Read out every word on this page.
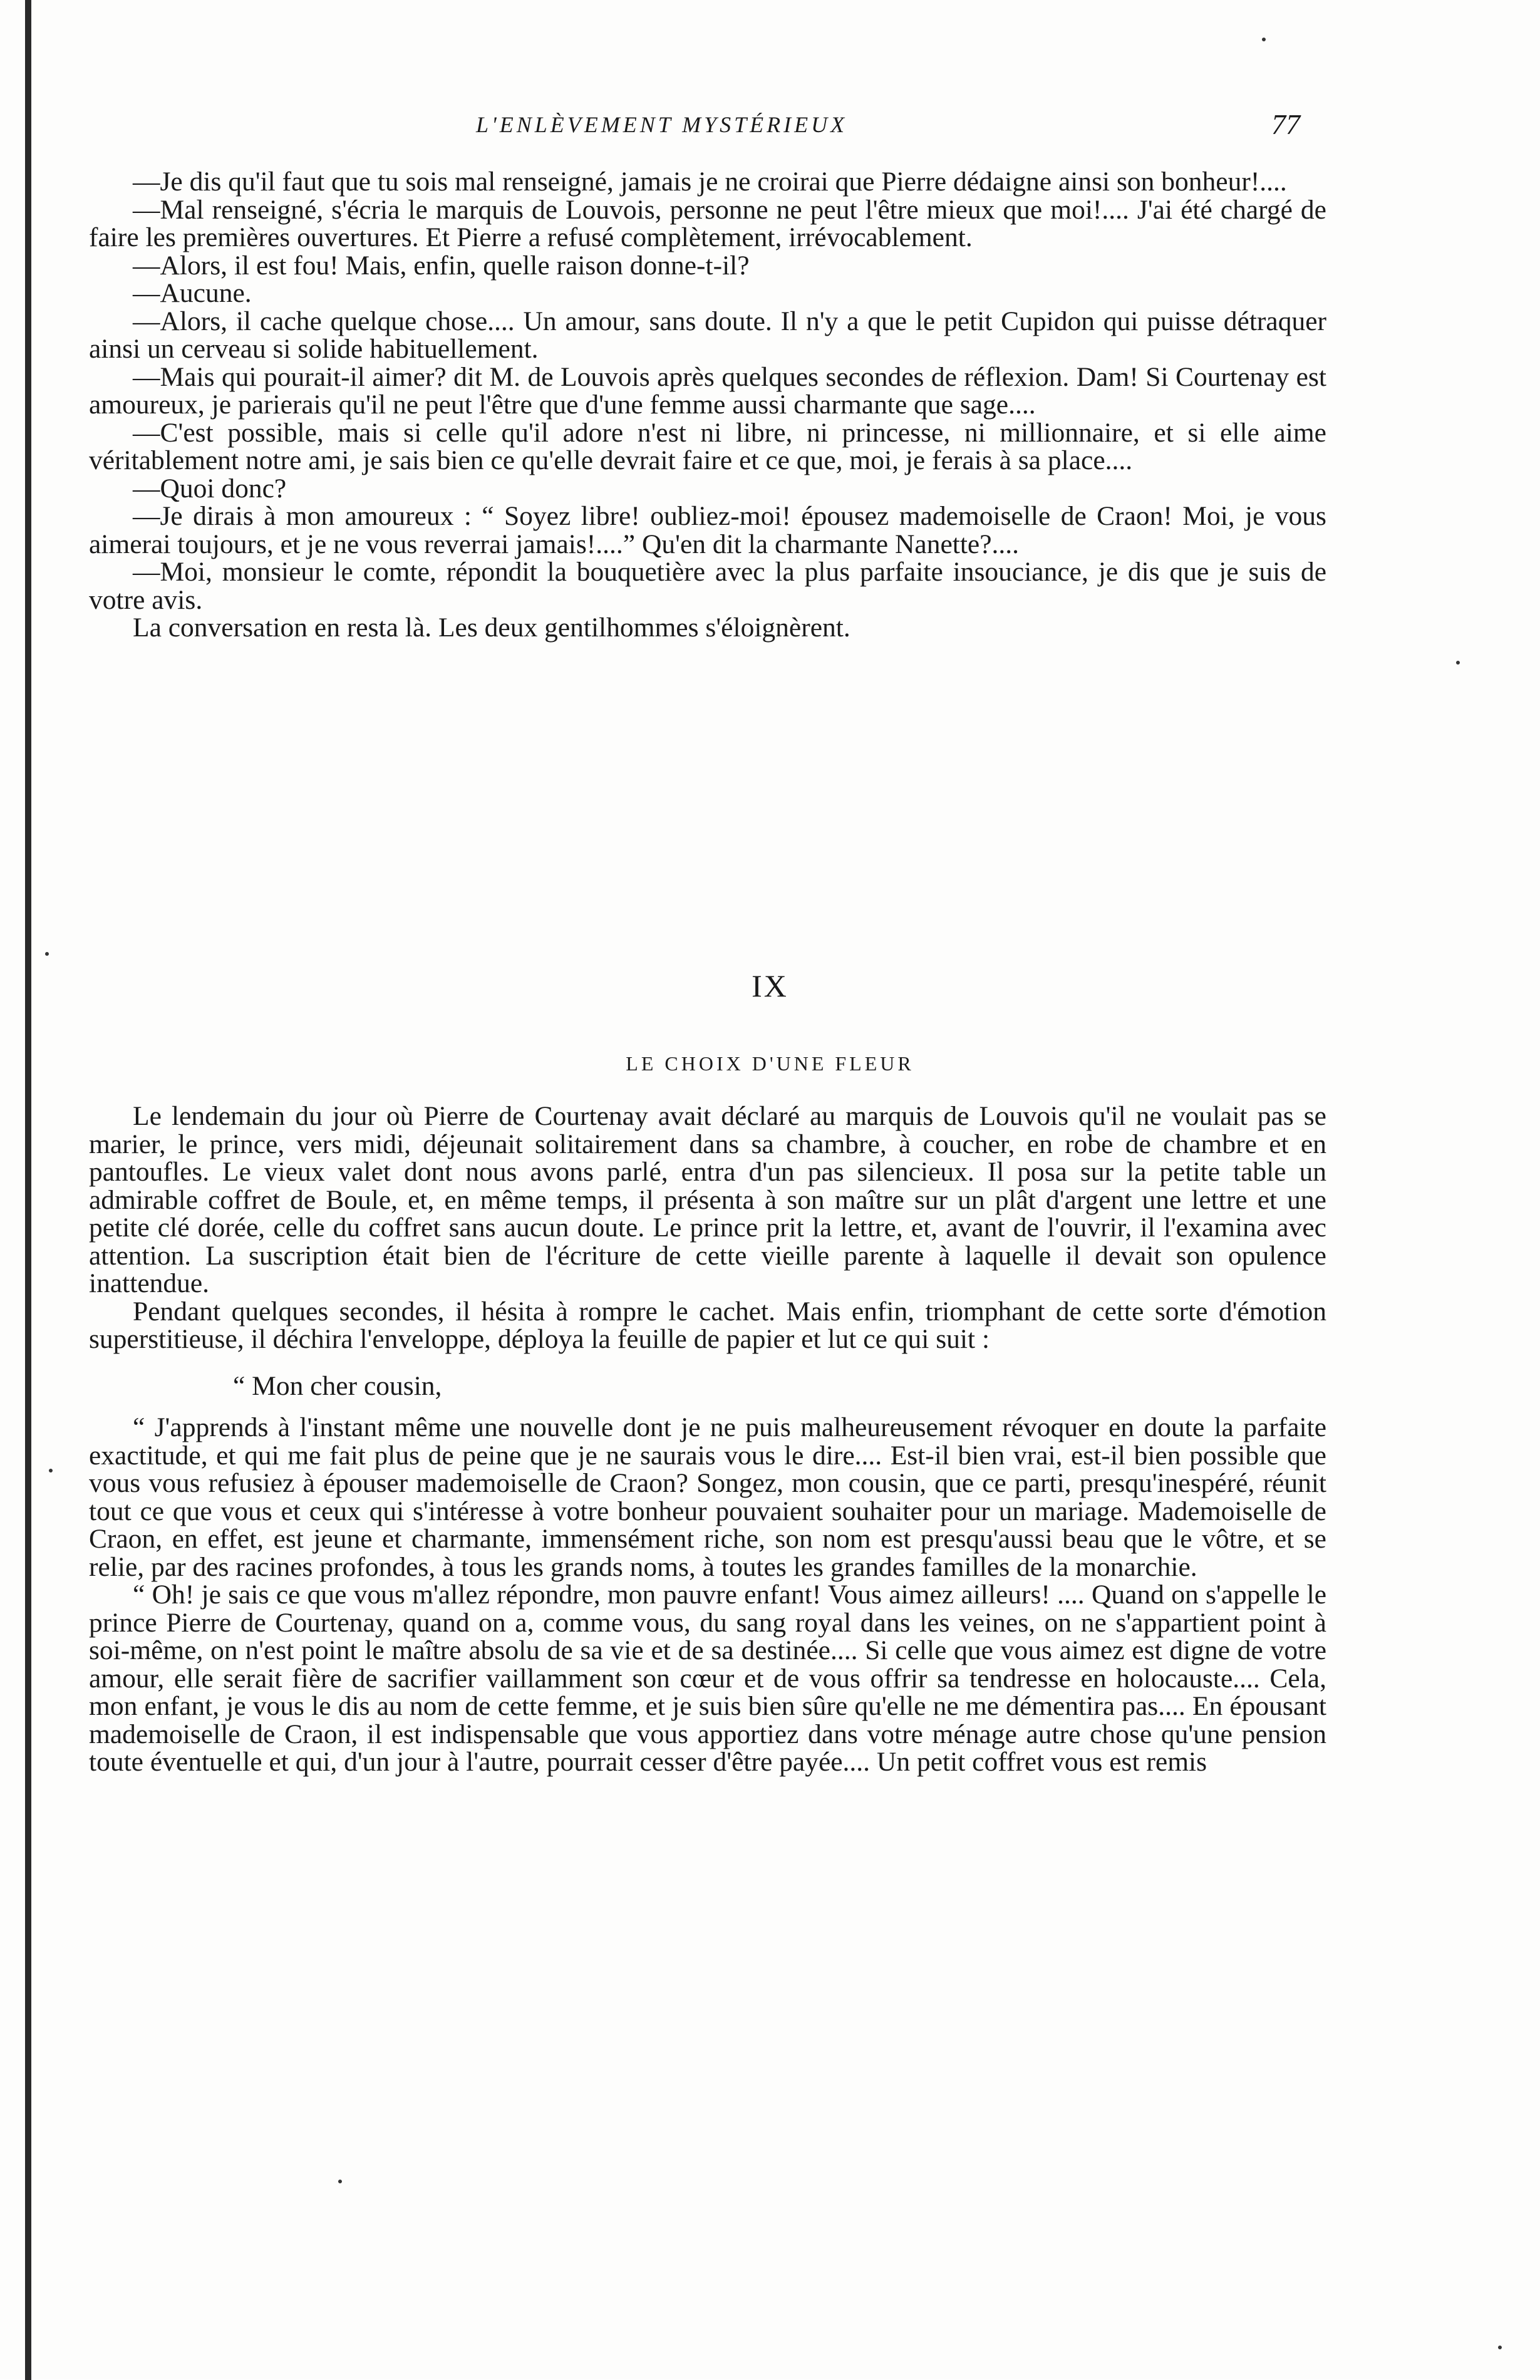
L'ENLÈVEMENT MYSTÉRIEUX	77

—Je dis qu'il faut que tu sois mal renseigné, jamais je ne croirai que Pierre dédaigne ainsi son bonheur!....

—Mal renseigné, s'écria le marquis de Louvois, personne ne peut l'être mieux que moi!.... J'ai été chargé de faire les premières ouvertures. Et Pierre a refusé complètement, irrévocablement.

—Alors, il est fou! Mais, enfin, quelle raison donne-t-il?

—Aucune.

—Alors, il cache quelque chose.... Un amour, sans doute. Il n'y a que le petit Cupidon qui puisse détraquer ainsi un cerveau si solide habituellement.

—Mais qui pourait-il aimer? dit M. de Louvois après quelques secondes de réflexion. Dam! Si Courtenay est amoureux, je parierais qu'il ne peut l'être que d'une femme aussi charmante que sage....

—C'est possible, mais si celle qu'il adore n'est ni libre, ni princesse, ni millionnaire, et si elle aime véritablement notre ami, je sais bien ce qu'elle devrait faire et ce que, moi, je ferais à sa place....

—Quoi donc?

—Je dirais à mon amoureux : “ Soyez libre! oubliez-moi! épousez mademoiselle de Craon! Moi, je vous aimerai toujours, et je ne vous reverrai jamais!....” Qu'en dit la charmante Nanette?....

—Moi, monsieur le comte, répondit la bouquetière avec la plus parfaite insouciance, je dis que je suis de votre avis.

La conversation en resta là. Les deux gentilhommes s'éloignèrent.

IX
LE CHOIX D'UNE FLEUR

Le lendemain du jour où Pierre de Courtenay avait déclaré au marquis de Louvois qu'il ne voulait pas se marier, le prince, vers midi, déjeunait solitairement dans sa chambre, à coucher, en robe de chambre et en pantoufles. Le vieux valet dont nous avons parlé, entra d'un pas silencieux. Il posa sur la petite table un admirable coffret de Boule, et, en même temps, il présenta à son maître sur un plât d'argent une lettre et une petite clé dorée, celle du coffret sans aucun doute. Le prince prit la lettre, et, avant de l'ouvrir, il l'examina avec attention. La suscription était bien de l'écriture de cette vieille parente à laquelle il devait son opulence inattendue.

Pendant quelques secondes, il hésita à rompre le cachet. Mais enfin, triomphant de cette sorte d'émotion superstitieuse, il déchira l'enveloppe, déploya la feuille de papier et lut ce qui suit :

“ Mon cher cousin,

“ J'apprends à l'instant même une nouvelle dont je ne puis malheureusement révoquer en doute la parfaite exactitude, et qui me fait plus de peine que je ne saurais vous le dire.... Est-il bien vrai, est-il bien possible que vous vous refusiez à épouser mademoiselle de Craon? Songez, mon cousin, que ce parti, presqu'inespéré, réunit tout ce que vous et ceux qui s'intéresse à votre bonheur pouvaient souhaiter pour un mariage. Mademoiselle de Craon, en effet, est jeune et charmante, immensément riche, son nom est presqu'aussi beau que le vôtre, et se relie, par des racines profondes, à tous les grands noms, à toutes les grandes familles de la monarchie.

“ Oh! je sais ce que vous m'allez répondre, mon pauvre enfant! Vous aimez ailleurs! .... Quand on s'appelle le prince Pierre de Courtenay, quand on a, comme vous, du sang royal dans les veines, on ne s'appartient point à soi-même, on n'est point le maître absolu de sa vie et de sa destinée.... Si celle que vous aimez est digne de votre amour, elle serait fière de sacrifier vaillamment son cœur et de vous offrir sa tendresse en holocauste.... Cela, mon enfant, je vous le dis au nom de cette femme, et je suis bien sûre qu'elle ne me démentira pas.... En épousant mademoiselle de Craon, il est indispensable que vous apportiez dans votre ménage autre chose qu'une pension toute éventuelle et qui, d'un jour à l'autre, pourrait cesser d'être payée.... Un petit coffret vous est remis
